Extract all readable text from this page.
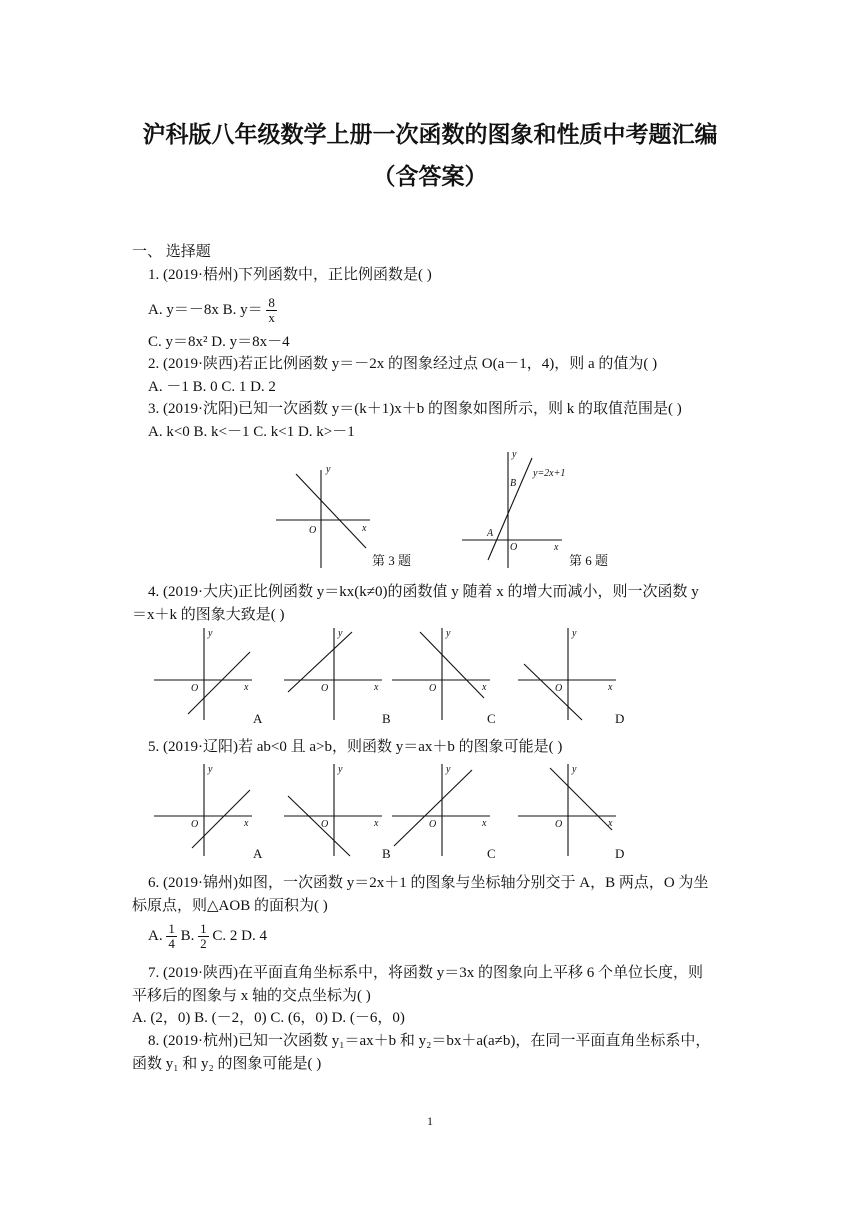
沪科版八年级数学上册一次函数的图象和性质中考题汇编
（含答案）
一、 选择题
1. (2019·梧州)下列函数中，正比例函数是( )
A. y＝－8x B. $y= \frac{8}{x}$
C. y＝8x² D. y＝8x－4
2. (2019·陕西)若正比例函数 y＝－2x 的图象经过点 O(a－1，4)，则 a 的值为( )
A. －1 B. 0 C. 1 D. 2
3. (2019·沈阳)已知一次函数 y＝(k＋1)x＋b 的图象如图所示，则 k 的取值范围是( )
A. k<0 B. k<－1 C. k<1 D. k>－1
y
x
O
第 3 题
y
x
O
A
B
y=2x+1
第 6 题
4. (2019·大庆)正比例函数 y＝kx(k≠0)的函数值 y 随着 x 的增大而减小，则一次函数 y
＝x＋k 的图象大致是( )
y
x
O
y
x
O
y
x
O
y
x
O
A	B	C	D
5. (2019·辽阳)若 ab<0 且 a>b，则函数 y＝ax＋b 的图象可能是( )
y
x
O
y
x
O
y
x
O
y
x
O
A	B	C	D
6. (2019·锦州)如图，一次函数 y＝2x＋1 的图象与坐标轴分别交于 A，B 两点，O 为坐
标原点，则△AOB 的面积为( )
A. $\frac{1}{4} B$. $\frac{1}{2} C$. 2 D. 4
7. (2019·陕西)在平面直角坐标系中，将函数 y＝3x 的图象向上平移 6 个单位长度，则
平移后的图象与 x 轴的交点坐标为( )
A. (2，0) B. (－2，0) C. (6，0) D. (－6，0)
8. (2019·杭州)已知一次函数 y₁＝ax＋b 和 y₂＝bx＋a(a≠b)，在同一平面直角坐标系中，
函数 y₁ 和 y₂ 的图象可能是( )
1
